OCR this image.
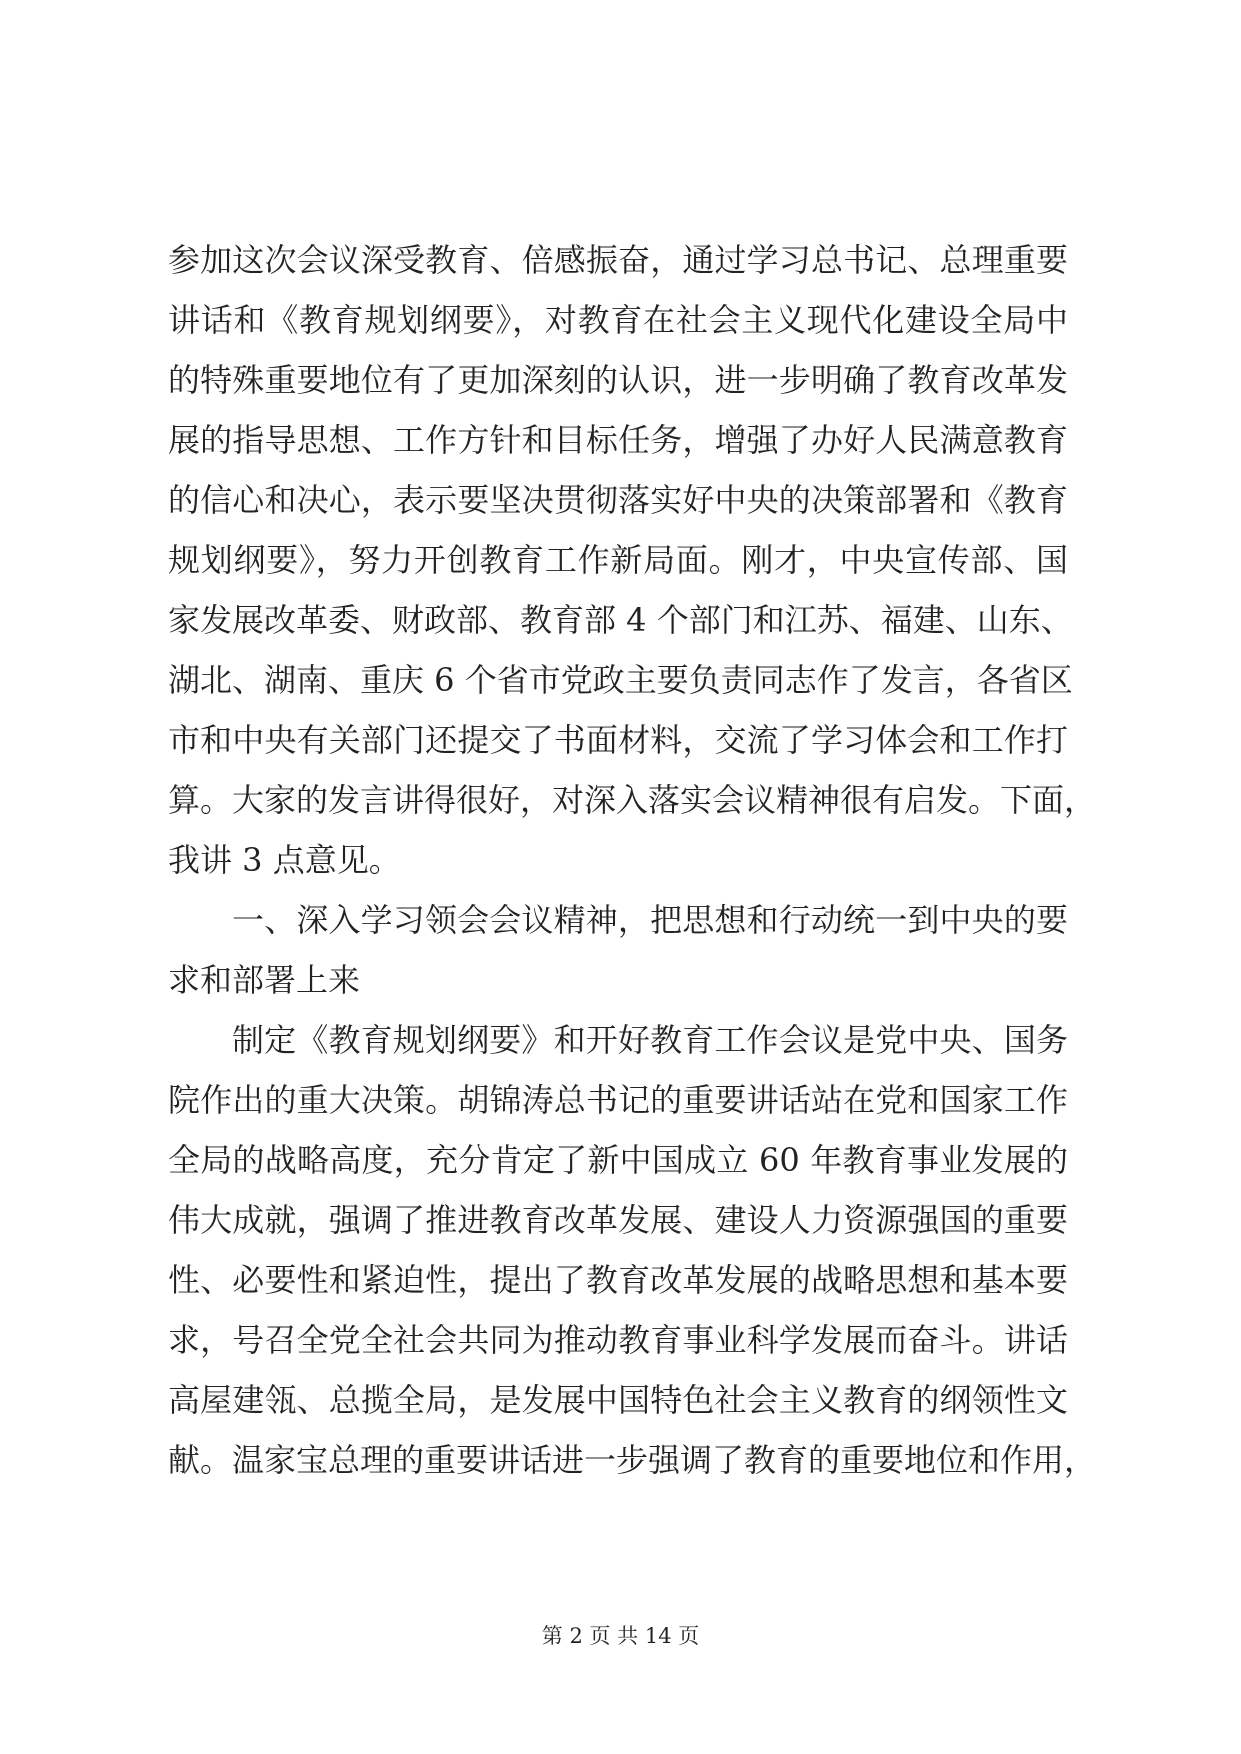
参加这次会议深受教育、倍感振奋，通过学习总书记、总理重要
讲话和《教育规划纲要》，对教育在社会主义现代化建设全局中
的特殊重要地位有了更加深刻的认识，进一步明确了教育改革发
展的指导思想、工作方针和目标任务，增强了办好人民满意教育
的信心和决心，表示要坚决贯彻落实好中央的决策部署和《教育
规划纲要》，努力开创教育工作新局面。刚才，中央宣传部、国
家发展改革委、财政部、教育部 4 个部门和江苏、福建、山东、
湖北、湖南、重庆 6 个省市党政主要负责同志作了发言，各省区
市和中央有关部门还提交了书面材料，交流了学习体会和工作打
算。大家的发言讲得很好，对深入落实会议精神很有启发。下面，
我讲 3 点意见。

一、深入学习领会会议精神，把思想和行动统一到中央的要
求和部署上来

制定《教育规划纲要》和开好教育工作会议是党中央、国务
院作出的重大决策。胡锦涛总书记的重要讲话站在党和国家工作
全局的战略高度，充分肯定了新中国成立 60 年教育事业发展的
伟大成就，强调了推进教育改革发展、建设人力资源强国的重要
性、必要性和紧迫性，提出了教育改革发展的战略思想和基本要
求，号召全党全社会共同为推动教育事业科学发展而奋斗。讲话
高屋建瓴、总揽全局，是发展中国特色社会主义教育的纲领性文
献。温家宝总理的重要讲话进一步强调了教育的重要地位和作用，

第 2 页 共 14 页
